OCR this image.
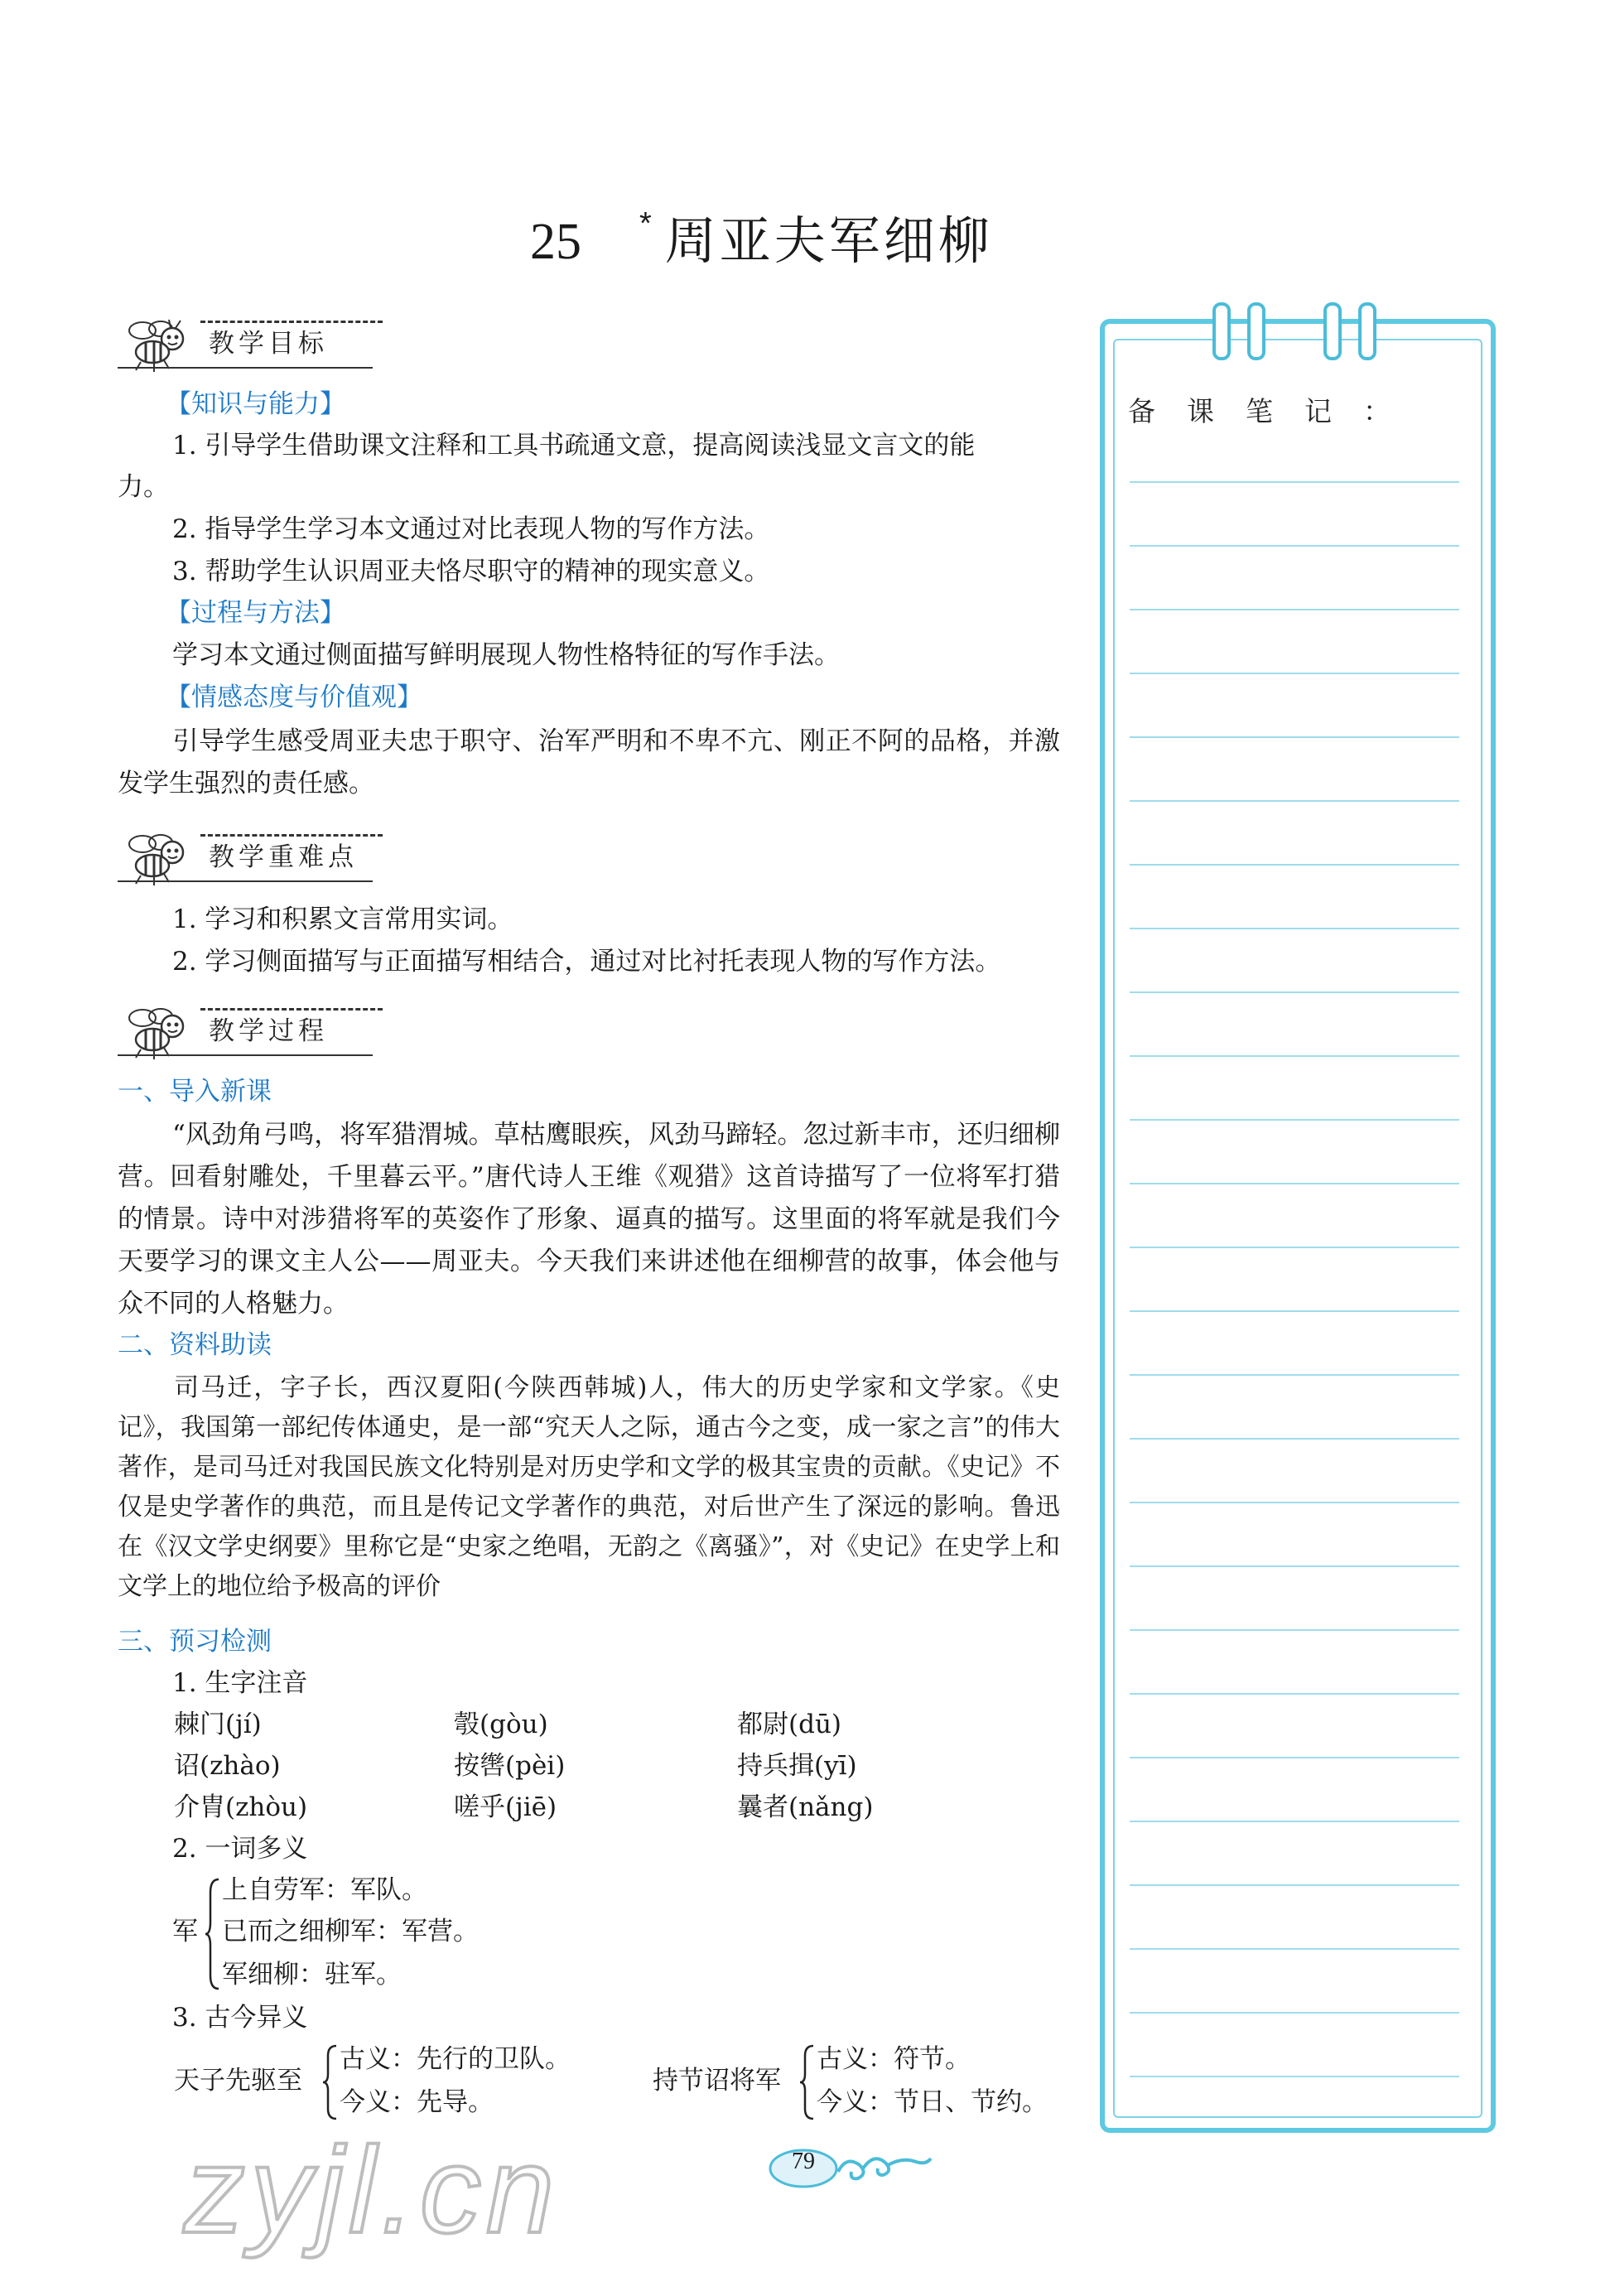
25 * 周亚夫军细柳
教学目标
【知识与能力】
1. 引导学生借助课文注释和工具书疏通文意，提高阅读浅显文言文的能
力。
2. 指导学生学习本文通过对比表现人物的写作方法。
3. 帮助学生认识周亚夫恪尽职守的精神的现实意义。
【过程与方法】
学习本文通过侧面描写鲜明展现人物性格特征的写作手法。
【情感态度与价值观】
引导学生感受周亚夫忠于职守、治军严明和不卑不亢、刚正不阿的品格，并激发学生强烈的责任感。
教学重难点
1. 学习和积累文言常用实词。
2. 学习侧面描写与正面描写相结合，通过对比衬托表现人物的写作方法。
教学过程
一、导入新课
“风劲角弓鸣，将军猎渭城。草枯鹰眼疾，风劲马蹄轻。忽过新丰市，还归细柳营。回看射雕处，千里暮云平。”唐代诗人王维《观猎》这首诗描写了一位将军打猎的情景。诗中对涉猎将军的英姿作了形象、逼真的描写。这里面的将军就是我们今天要学习的课文主人公——周亚夫。今天我们来讲述他在细柳营的故事，体会他与众不同的人格魅力。
二、资料助读
司马迁，字子长，西汉夏阳(今陕西韩城)人，伟大的历史学家和文学家。《史记》，我国第一部纪传体通史，是一部“究天人之际，通古今之变，成一家之言”的伟大著作，是司马迁对我国民族文化特别是对历史学和文学的极其宝贵的贡献。《史记》不仅是史学著作的典范，而且是传记文学著作的典范，对后世产生了深远的影响。鲁迅在《汉文学史纲要》里称它是“史家之绝唱，无韵之《离骚》”，对《史记》在史学上和文学上的地位给予极高的评价
三、预习检测
1. 生字注音
棘门(jí)	彀(gòu)	都尉(dū)
诏(zhào)	按辔(pèi)	持兵揖(yī)
介胄(zhòu)	嗟乎(jiē)	曩者(nǎng)
2. 一词多义
军
上自劳军：军队。
已而之细柳军：军营。
军细柳：驻军。
3. 古今异义
天子先驱至
古义：先行的卫队。
今义：先导。
持节诏将军
古义：符节。
今义：节日、节约。
备课笔记：
79
zyjl.cn
